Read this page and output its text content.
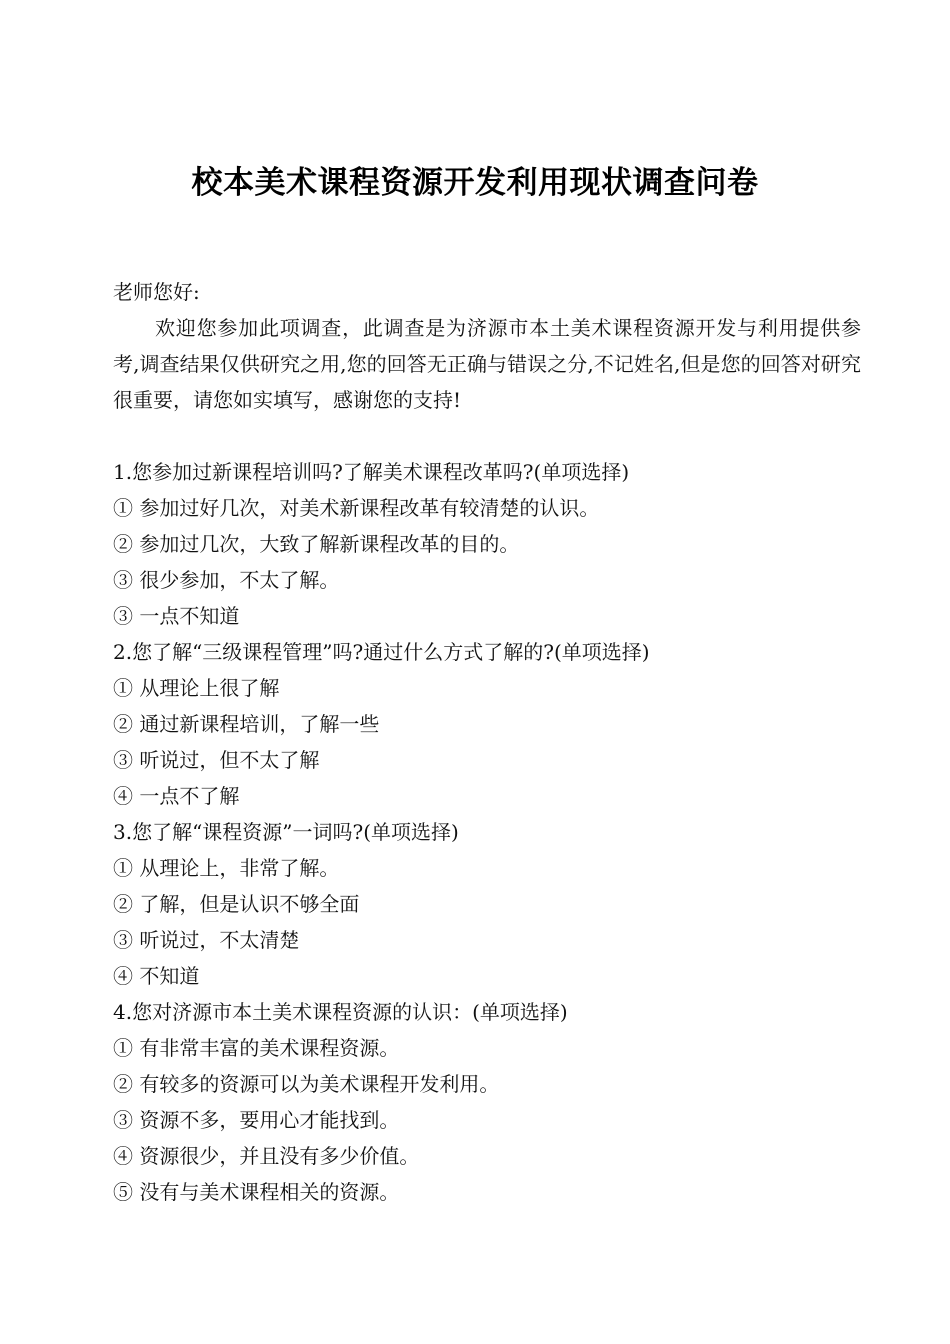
校本美术课程资源开发利用现状调查问卷
老师您好:
欢迎您参加此项调查，此调查是为济源市本土美术课程资源开发与利用提供参考,调查结果仅供研究之用,您的回答无正确与错误之分,不记姓名,但是您的回答对研究很重要，请您如实填写，感谢您的支持!
1.您参加过新课程培训吗?了解美术课程改革吗?(单项选择)
① 参加过好几次，对美术新课程改革有较清楚的认识。
② 参加过几次，大致了解新课程改革的目的。
③ 很少参加，不太了解。
③ 一点不知道
2.您了解“三级课程管理”吗?通过什么方式了解的?(单项选择)
① 从理论上很了解
② 通过新课程培训，了解一些
③ 听说过，但不太了解
④ 一点不了解
3.您了解“课程资源”一词吗?(单项选择)
① 从理论上，非常了解。
② 了解，但是认识不够全面
③ 听说过，不太清楚
④ 不知道
4.您对济源市本土美术课程资源的认识：(单项选择)
① 有非常丰富的美术课程资源。
② 有较多的资源可以为美术课程开发利用。
③ 资源不多，要用心才能找到。
④ 资源很少，并且没有多少价值。
⑤ 没有与美术课程相关的资源。
